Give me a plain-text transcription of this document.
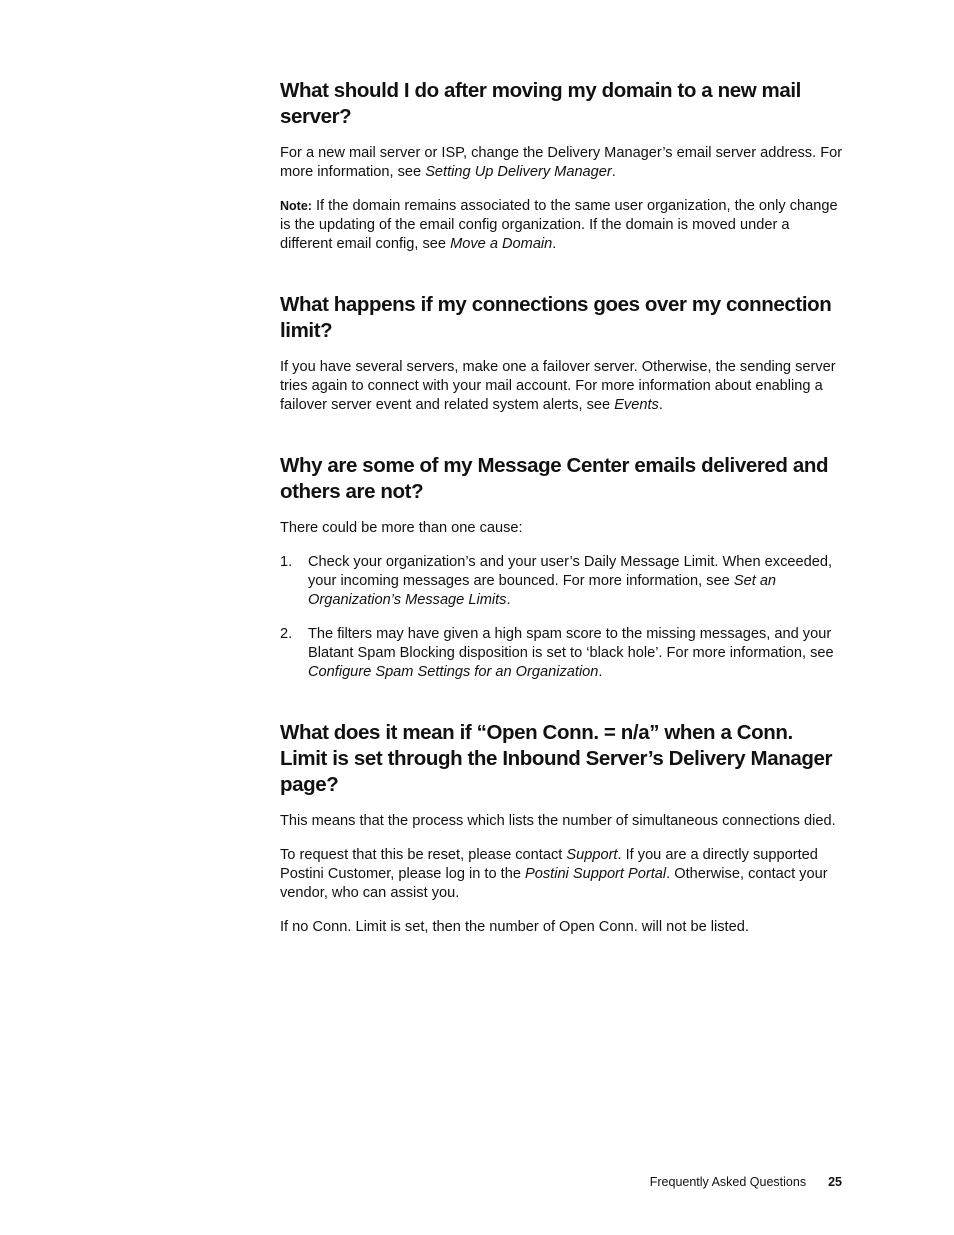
What should I do after moving my domain to a new mail server?

For a new mail server or ISP, change the Delivery Manager’s email server address. For more information, see Setting Up Delivery Manager.

Note: If the domain remains associated to the same user organization, the only change is the updating of the email config organization. If the domain is moved under a different email config, see Move a Domain.

What happens if my connections goes over my connection limit?

If you have several servers, make one a failover server. Otherwise, the sending server tries again to connect with your mail account. For more information about enabling a failover server event and related system alerts, see Events.

Why are some of my Message Center emails delivered and others are not?

There could be more than one cause:

1. Check your organization’s and your user’s Daily Message Limit. When exceeded, your incoming messages are bounced. For more information, see Set an Organization’s Message Limits.
2. The filters may have given a high spam score to the missing messages, and your Blatant Spam Blocking disposition is set to ‘black hole’. For more information, see Configure Spam Settings for an Organization.
What does it mean if “Open Conn. = n/a” when a Conn. Limit is set through the Inbound Server’s Delivery Manager page?

This means that the process which lists the number of simultaneous connections died.

To request that this be reset, please contact Support. If you are a directly supported Postini Customer, please log in to the Postini Support Portal. Otherwise, contact your vendor, who can assist you.

If no Conn. Limit is set, then the number of Open Conn. will not be listed.

Frequently Asked Questions 25
